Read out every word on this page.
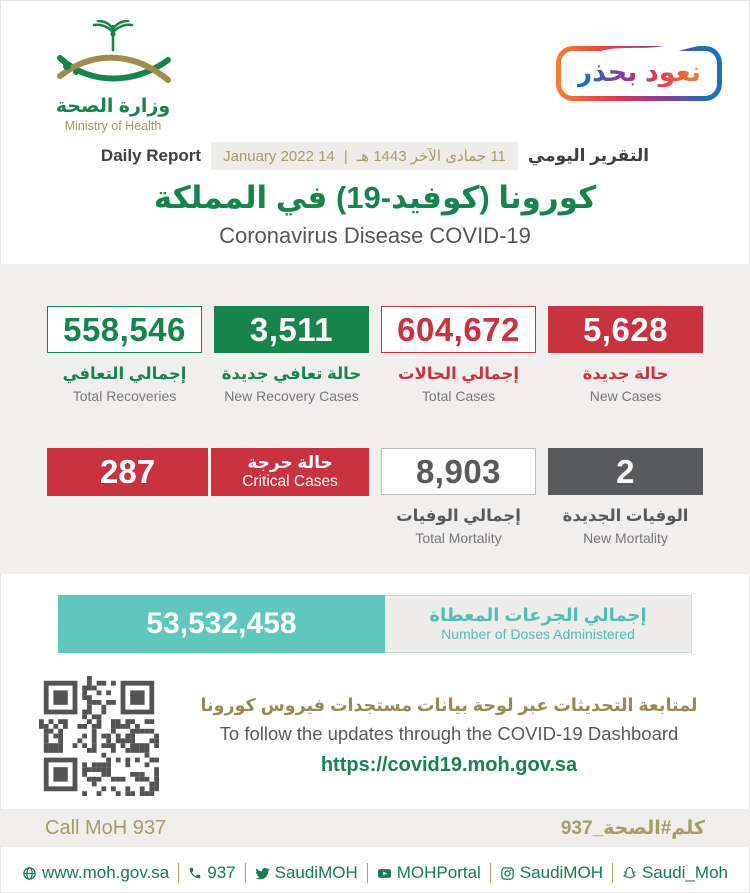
وزارة الصحة
Ministry of Health
نعود بحذر
التقرير اليومي
11 جمادى الآخر 1443 هـ
|
14 January 2022
Daily Report
كورونا (كوفيد-19) في المملكة
Coronavirus Disease COVID-19
558,546
إجمالي التعافي
Total Recoveries
3,511
حالة تعافي جديدة
New Recovery Cases
604,672
إجمالي الحالات
Total Cases
5,628
حالة جديدة
New Cases
287	حالة حرجة
Critical Cases	8,903
إجمالي الوفيات
Total Mortality
2
الوفيات الجديدة
New Mortality
53,532,458	إجمالي الجرعات المعطاة
Number of Doses Administered
لمتابعة التحديثات عبر لوحة بيانات مستجدات فيروس كورونا
To follow the updates through the COVID-19 Dashboard
https://covid19.moh.gov.sa
Call MoH 937	كلم#الصحة_937
www.moh.gov.sa 937 SaudiMOH MOHPortal SaudiMOH Saudi_Moh
